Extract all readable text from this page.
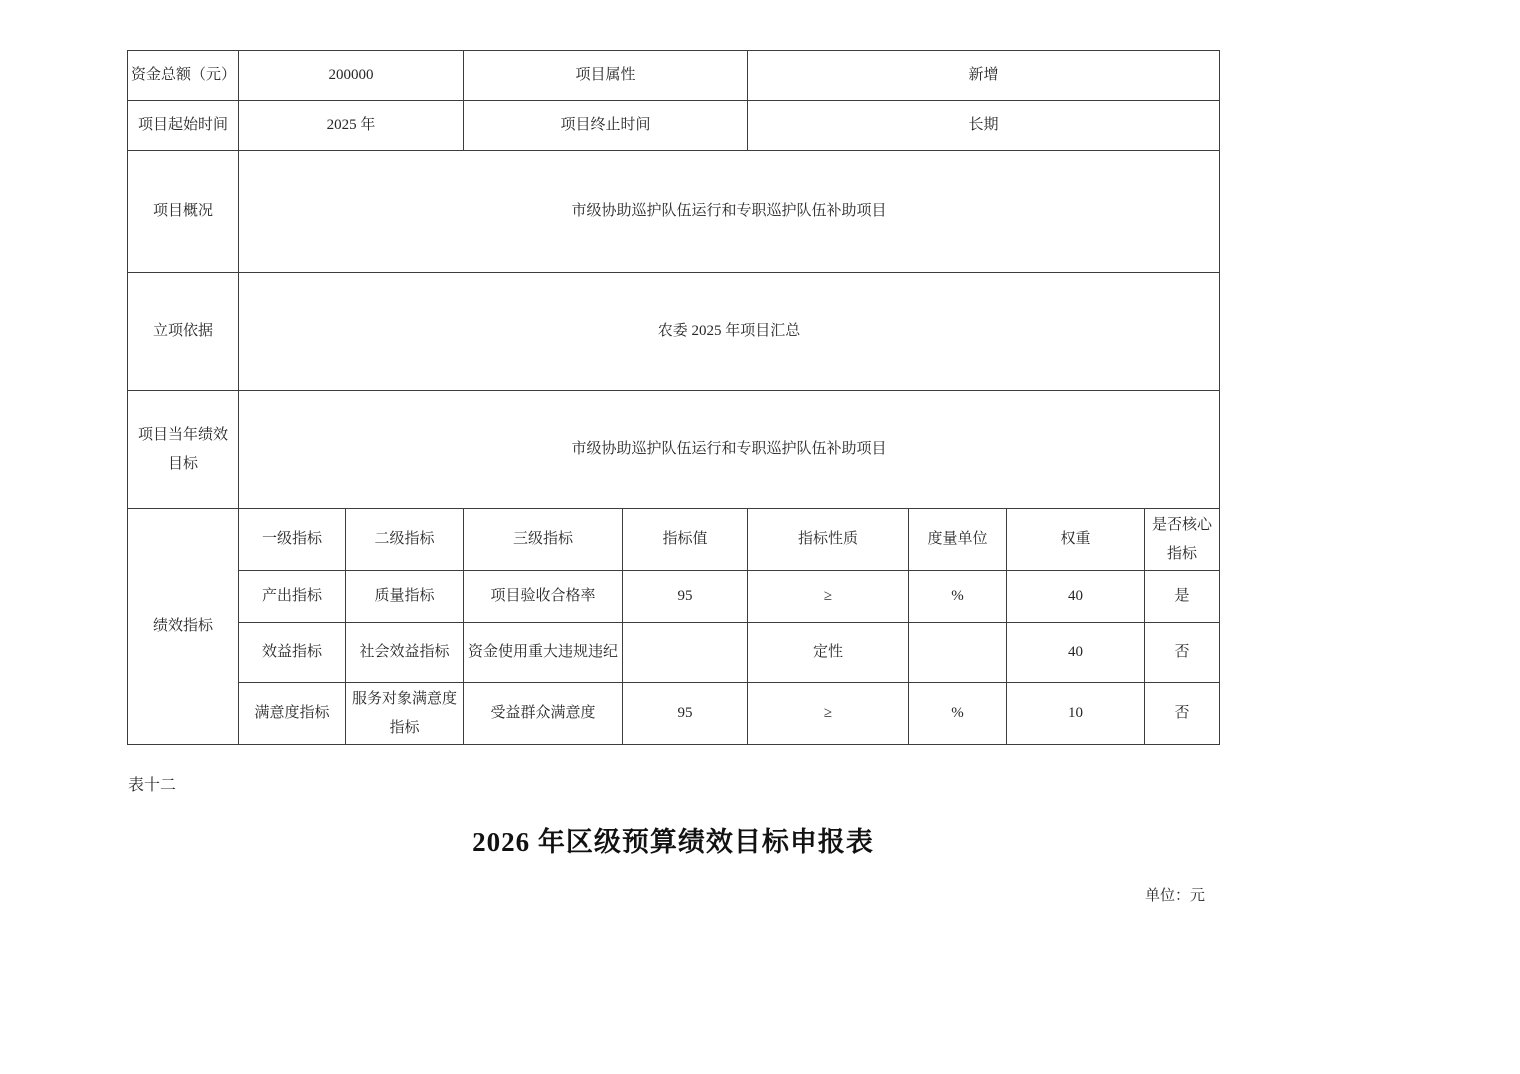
资金总额（元）	200000		项目属性		新增			
项目起始时间	2025 年		项目终止时间		长期			
项目概况	市级协助巡护队伍运行和专职巡护队伍补助项目							
立项依据	农委 2025 年项目汇总							
项目当年绩效目标	市级协助巡护队伍运行和专职巡护队伍补助项目							
绩效指标	一级指标	二级指标	三级指标	指标值	指标性质	度量单位	权重	是否核心指标
	产出指标	质量指标	项目验收合格率	95	≥	%	40	是
	效益指标	社会效益指标	资金使用重大违规违纪		定性		40	否
	满意度指标	服务对象满意度指标	受益群众满意度	95	≥	%	10	否
表十二
2026 年区级预算绩效目标申报表
单位：元
